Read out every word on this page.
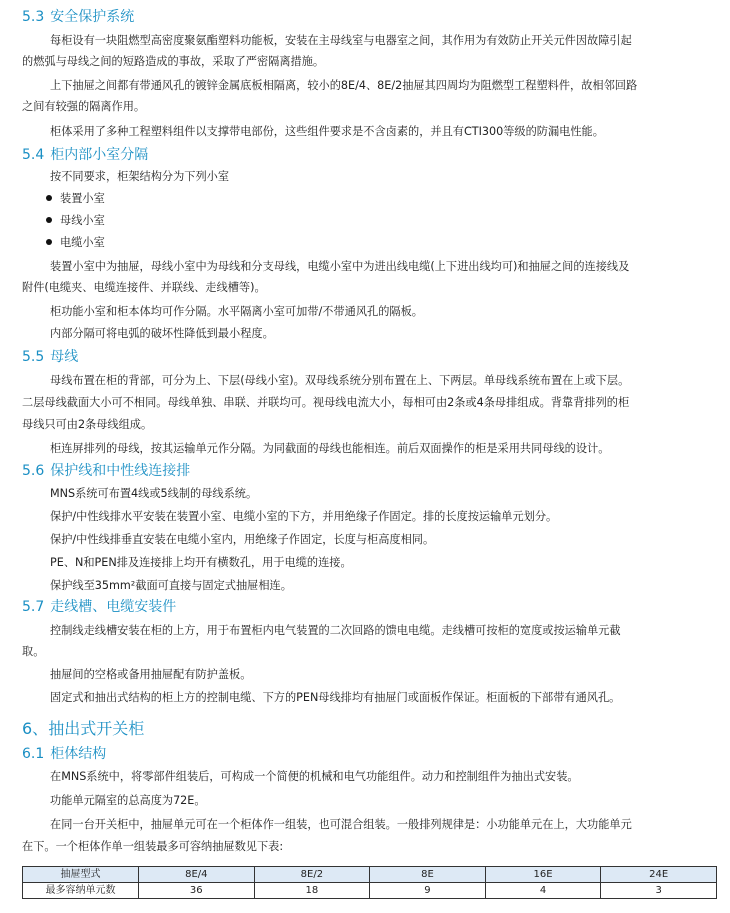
5.3 安全保护系统
每柜设有一块阻燃型高密度聚氨酯塑料功能板，安装在主母线室与电器室之间，其作用为有效防止开关元件因故障引起
的燃弧与母线之间的短路造成的事故，采取了严密隔离措施。
上下抽屉之间都有带通风孔的镀锌金属底板相隔离，较小的8E/4、8E/2抽屉其四周均为阻燃型工程塑料件，故相邻回路
之间有较强的隔离作用。
柜体采用了多种工程塑料组件以支撑带电部份，这些组件要求是不含卤素的，并且有CTI300等级的防漏电性能。
5.4 柜内部小室分隔
按不同要求，柜架结构分为下列小室
装置小室
母线小室
电缆小室
装置小室中为抽屉，母线小室中为母线和分支母线，电缆小室中为进出线电缆(上下进出线均可)和抽屉之间的连接线及
附件(电缆夹、电缆连接件、并联线、走线槽等)。
柜功能小室和柜本体均可作分隔。水平隔离小室可加带/不带通风孔的隔板。
内部分隔可将电弧的破坏性降低到最小程度。
5.5 母线
母线布置在柜的背部，可分为上、下层(母线小室)。双母线系统分别布置在上、下两层。单母线系统布置在上或下层。
二层母线截面大小可不相同。母线单独、串联、并联均可。视母线电流大小，每相可由2条或4条母排组成。背靠背排列的柜
母线只可由2条母线组成。
柜连屏排列的母线，按其运输单元作分隔。为同截面的母线也能相连。前后双面操作的柜是采用共同母线的设计。
5.6 保护线和中性线连接排
MNS系统可布置4线或5线制的母线系统。
保护/中性线排水平安装在装置小室、电缆小室的下方，并用绝缘子作固定。排的长度按运输单元划分。
保护/中性线排垂直安装在电缆小室内，用绝缘子作固定，长度与柜高度相同。
PE、N和PEN排及连接排上均开有横数孔，用于电缆的连接。
保护线至35mm²截面可直接与固定式抽屉相连。
5.7 走线槽、电缆安装件
控制线走线槽安装在柜的上方，用于布置柜内电气装置的二次回路的馈电电缆。走线槽可按柜的宽度或按运输单元截
取。
抽屉间的空格或备用抽屉配有防护盖板。
固定式和抽出式结构的柜上方的控制电缆、下方的PEN母线排均有抽屉门或面板作保证。柜面板的下部带有通风孔。
6、抽出式开关柜
6.1 柜体结构
在MNS系统中，将零部件组装后，可构成一个简便的机械和电气功能组件。动力和控制组件为抽出式安装。
功能单元隔室的总高度为72E。
在同一台开关柜中，抽屉单元可在一个柜体作一组装，也可混合组装。一般排列规律是：小功能单元在上，大功能单元
在下。一个柜体作单一组装最多可容纳抽屉数见下表:
抽屉型式	8E/4	8E/2	8E	16E	24E
最多容纳单元数	36	18	9	4	3
